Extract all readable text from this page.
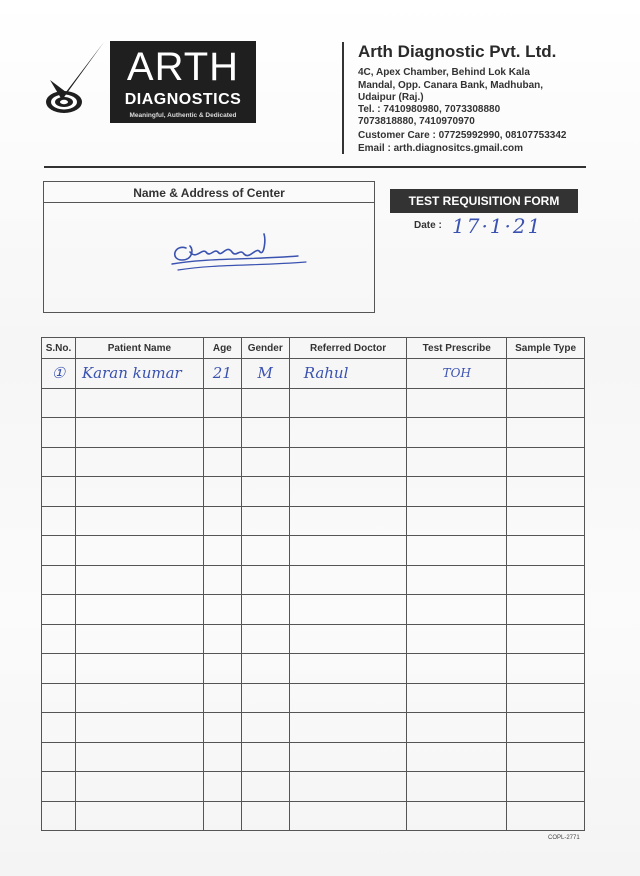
ARTH
DIAGNOSTICS
Meaningful, Authentic & Dedicated
Arth Diagnostic Pvt. Ltd.
4C, Apex Chamber, Behind Lok Kala
Mandal, Opp. Canara Bank, Madhuban,
Udaipur (Raj.)
Tel. : 7410980980, 7073308880
7073818880, 7410970970
Customer Care : 07725992990, 08107753342
Email : arth.diagnositcs.gmail.com
Name & Address of Center
TEST REQUISITION FORM
Date : 17·1·21
S.No.	Patient Name	Age	Gender	Referred Doctor	Test Prescribe	Sample Type
①	Karan kumar	21	M	Rahul	TOH	

COPL-2771
